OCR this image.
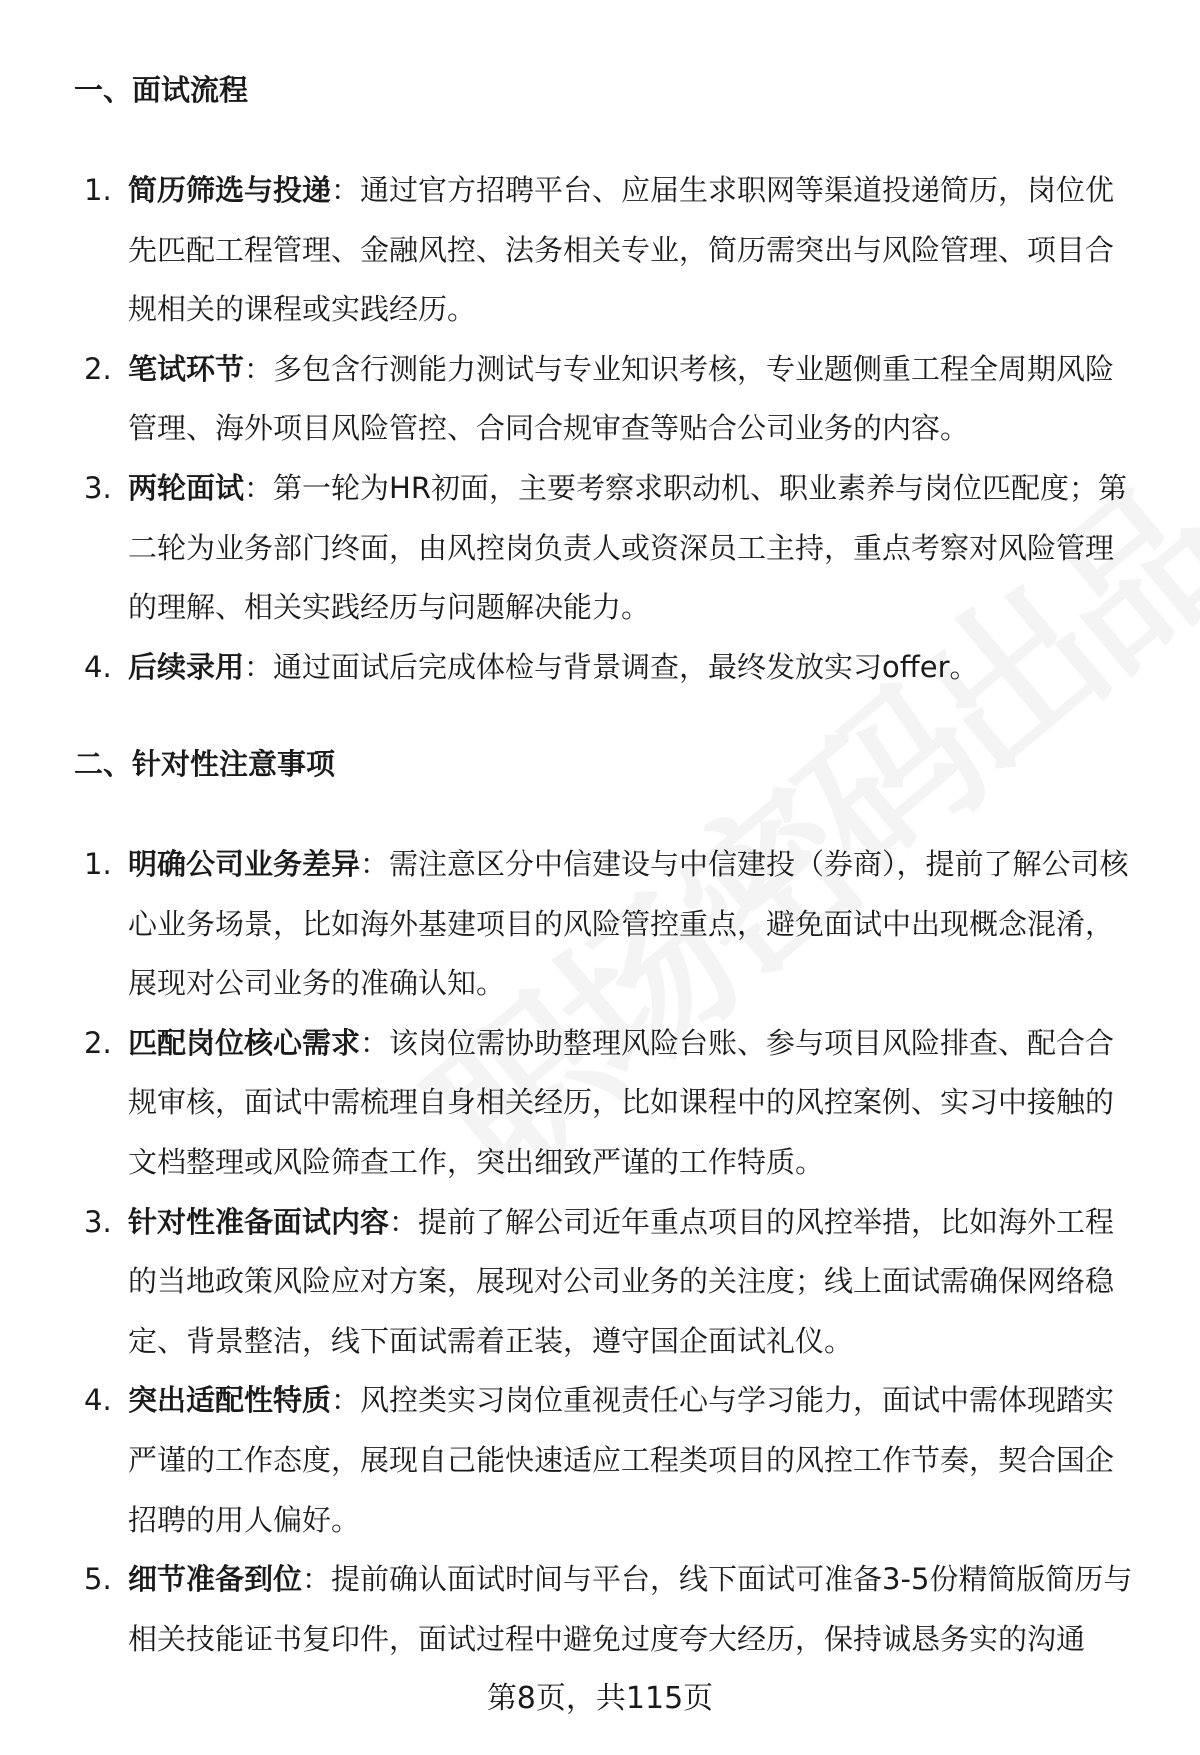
一、面试流程
1. 简历筛选与投递：通过官方招聘平台、应届生求职网等渠道投递简历，岗位优先匹配工程管理、金融风控、法务相关专业，简历需突出与风险管理、项目合规相关的课程或实践经历。
2. 笔试环节：多包含行测能力测试与专业知识考核，专业题侧重工程全周期风险管理、海外项目风险管控、合同合规审查等贴合公司业务的内容。
3. 两轮面试：第一轮为HR初面，主要考察求职动机、职业素养与岗位匹配度；第二轮为业务部门终面，由风控岗负责人或资深员工主持，重点考察对风险管理的理解、相关实践经历与问题解决能力。
4. 后续录用：通过面试后完成体检与背景调查，最终发放实习offer。
二、针对性注意事项
1. 明确公司业务差异：需注意区分中信建设与中信建投（券商），提前了解公司核心业务场景，比如海外基建项目的风险管控重点，避免面试中出现概念混淆，展现对公司业务的准确认知。
2. 匹配岗位核心需求：该岗位需协助整理风险台账、参与项目风险排查、配合合规审核，面试中需梳理自身相关经历，比如课程中的风控案例、实习中接触的文档整理或风险筛查工作，突出细致严谨的工作特质。
3. 针对性准备面试内容：提前了解公司近年重点项目的风控举措，比如海外工程的当地政策风险应对方案，展现对公司业务的关注度；线上面试需确保网络稳定、背景整洁，线下面试需着正装，遵守国企面试礼仪。
4. 突出适配性特质：风控类实习岗位重视责任心与学习能力，面试中需体现踏实严谨的工作态度，展现自己能快速适应工程类项目的风控工作节奏，契合国企招聘的用人偏好。
5. 细节准备到位：提前确认面试时间与平台，线下面试可准备3-5份精简版简历与相关技能证书复印件，面试过程中避免过度夸大经历，保持诚恳务实的沟通
第8页，共115页
